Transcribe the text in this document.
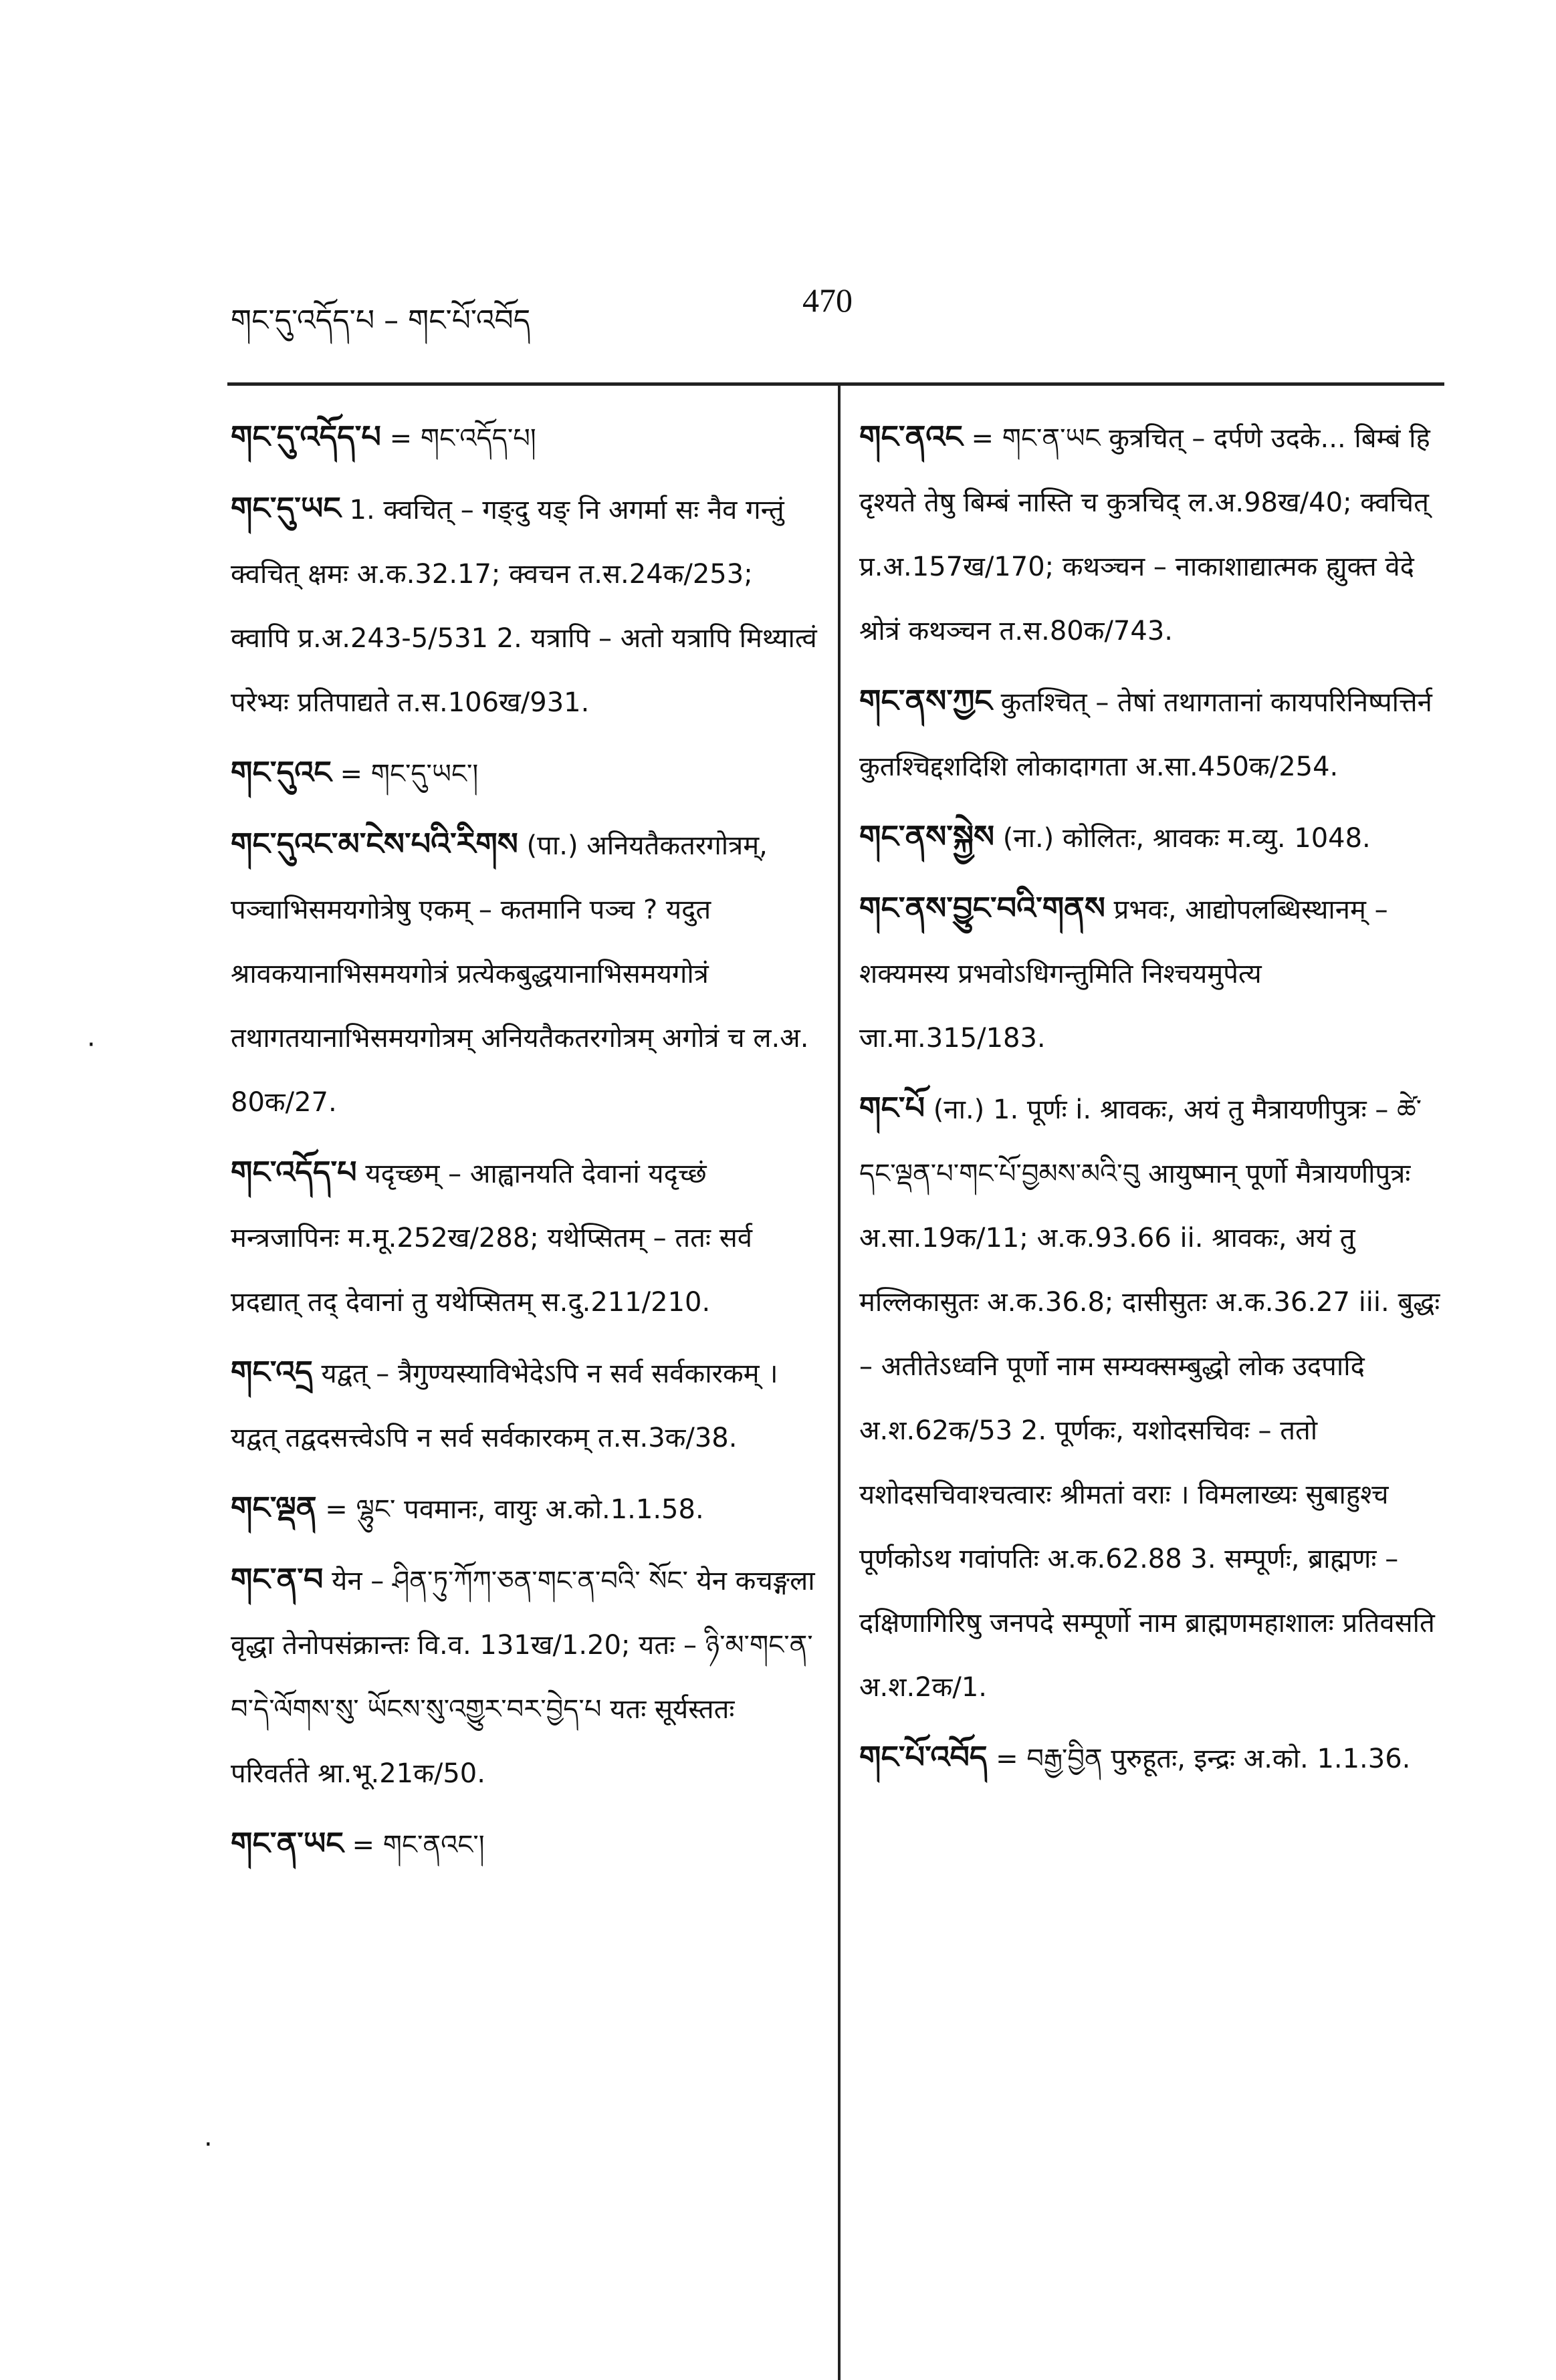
གང་དུ་འདོད་པ – གང་པོ་འབོད
470
གང་དུ་འདོད་པ = གང་འདོད་པ།
གང་དུ་ཡང 1. क्वचित् – गङ्दु यङ् नि अगर्मा सः नैव गन्तुं क्वचित् क्षमः अ.क.32.17; क्वचन त.स.24क/253; क्वापि प्र.अ.243-5/531 2. यत्रापि – अतो यत्रापि मिथ्यात्वं परेभ्यः प्रतिपाद्यते त.स.106ख/931.
གང་དུའང = གང་དུ་ཡང་།
གང་དུའང་མ་ངེས་པའི་རིགས (पा.) अनियतैकतरगोत्रम्, पञ्चाभिसमयगोत्रेषु एकम् – कतमानि पञ्च ? यदुत श्रावकयानाभिसमयगोत्रं प्रत्येकबुद्धयानाभिसमयगोत्रं तथागतयानाभिसमयगोत्रम् अनियतैकतरगोत्रम् अगोत्रं च ल.अ. 80क/27.
གང་འདོད་པ यदृच्छम् – आह्वानयति देवानां यदृच्छं मन्त्रजापिनः म.मू.252ख/288; यथेप्सितम् – ततः सर्व प्रदद्यात् तद् देवानां तु यथेप्सितम् स.दु.211/210.
གང་འདྲ यद्वत् – त्रैगुण्यस्याविभेदेऽपि न सर्व सर्वकारकम् । यद्वत् तद्वदसत्त्वेऽपि न सर्व सर्वकारकम् त.स.3क/38.
གང་ལྡན = ལྷུང་ पवमानः, वायुः अ.को.1.1.58.
གང་ན་བ येन – ཤིན་ཏུ་ཀོཀ་ཅན་གང་ན་བའི་ སོང་ येन कचङ्गला वृद्धा तेनोपसंक्रान्तः वि.व. 131ख/1.20; यतः – ཉི་མ་གང་ན་བ་དེ་ལོགས་སུ་ ཡོངས་སུ་འགྱུར་བར་བྱེད་པ यतः सूर्यस्ततः परिवर्तते श्रा.भू.21क/50.
གང་ན་ཡང = གང་ནའང་།
གང་ནའང = གང་ན་ཡང कुत्रचित् – दर्पणे उदके... बिम्बं हि दृश्यते तेषु बिम्बं नास्ति च कुत्रचिद् ल.अ.98ख/40; क्वचित् प्र.अ.157ख/170; कथञ्चन – नाकाशाद्यात्मक ह्युक्त वेदे श्रोत्रं कथञ्चन त.स.80क/743.
གང་ནས་ཀྱང कुतश्चित् – तेषां तथागतानां कायपरिनिष्पत्तिर्न कुतश्चिद्दशदिशि लोकादागता अ.सा.450क/254.
གང་ནས་སྐྱེས (ना.) कोलितः, श्रावकः म.व्यु. 1048.
གང་ནས་བྱུང་བའི་གནས प्रभवः, आद्योपलब्धिस्थानम् – शक्यमस्य प्रभवोऽधिगन्तुमिति निश्चयमुपेत्य जा.मा.315/183.
གང་པོ (ना.) 1. पूर्णः i. श्रावकः, अयं तु मैत्रायणीपुत्रः – ཚེ་དང་ལྡན་པ་གང་པོ་བྱམས་མའི་བུ आयुष्मान् पूर्णो मैत्रायणीपुत्रः अ.सा.19क/11; अ.क.93.66 ii. श्रावकः, अयं तु मल्लिकासुतः अ.क.36.8; दासीसुतः अ.क.36.27 iii. बुद्धः – अतीतेऽध्वनि पूर्णो नाम सम्यक्सम्बुद्धो लोक उदपादि अ.श.62क/53 2. पूर्णकः, यशोदसचिवः – ततो यशोदसचिवाश्चत्वारः श्रीमतां वराः । विमलाख्यः सुबाहुश्च पूर्णकोऽथ गवांपतिः अ.क.62.88 3. सम्पूर्णः, ब्राह्मणः – दक्षिणागिरिषु जनपदे सम्पूर्णो नाम ब्राह्मणमहाशालः प्रतिवसति अ.श.2क/1.
གང་པོ་འབོད = བརྒྱ་བྱིན पुरुहूतः, इन्द्रः अ.को. 1.1.36.
·
·
